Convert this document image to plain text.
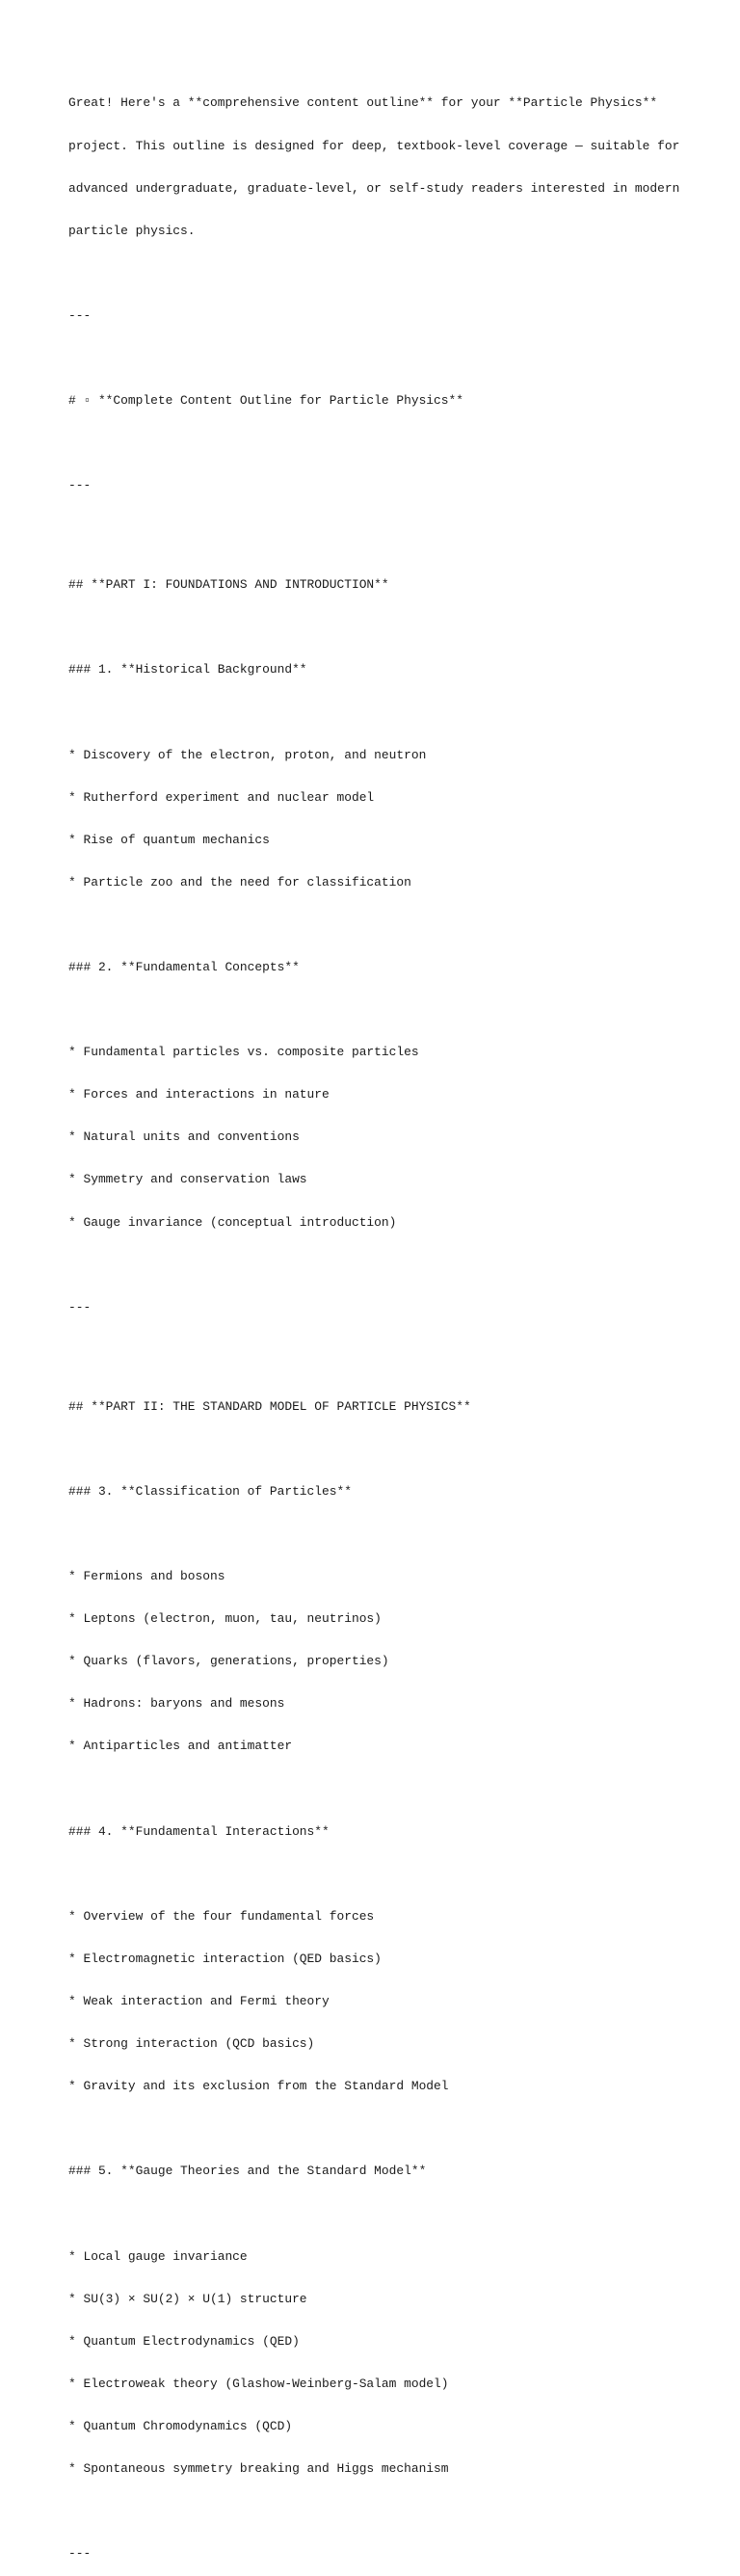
Great! Here's a **comprehensive content outline** for your **Particle Physics**

project. This outline is designed for deep, textbook-level coverage — suitable for

advanced undergraduate, graduate-level, or self-study readers interested in modern

particle physics.

---

# ▫ **Complete Content Outline for Particle Physics**

---

## **PART I: FOUNDATIONS AND INTRODUCTION**

### 1. **Historical Background**

* Discovery of the electron, proton, and neutron

* Rutherford experiment and nuclear model

* Rise of quantum mechanics

* Particle zoo and the need for classification

### 2. **Fundamental Concepts**

* Fundamental particles vs. composite particles

* Forces and interactions in nature

* Natural units and conventions

* Symmetry and conservation laws

* Gauge invariance (conceptual introduction)

---

## **PART II: THE STANDARD MODEL OF PARTICLE PHYSICS**

### 3. **Classification of Particles**

* Fermions and bosons

* Leptons (electron, muon, tau, neutrinos)

* Quarks (flavors, generations, properties)

* Hadrons: baryons and mesons

* Antiparticles and antimatter

### 4. **Fundamental Interactions**

* Overview of the four fundamental forces

* Electromagnetic interaction (QED basics)

* Weak interaction and Fermi theory

* Strong interaction (QCD basics)

* Gravity and its exclusion from the Standard Model

### 5. **Gauge Theories and the Standard Model**

* Local gauge invariance

* SU(3) × SU(2) × U(1) structure

* Quantum Electrodynamics (QED)

* Electroweak theory (Glashow-Weinberg-Salam model)

* Quantum Chromodynamics (QCD)

* Spontaneous symmetry breaking and Higgs mechanism

---
